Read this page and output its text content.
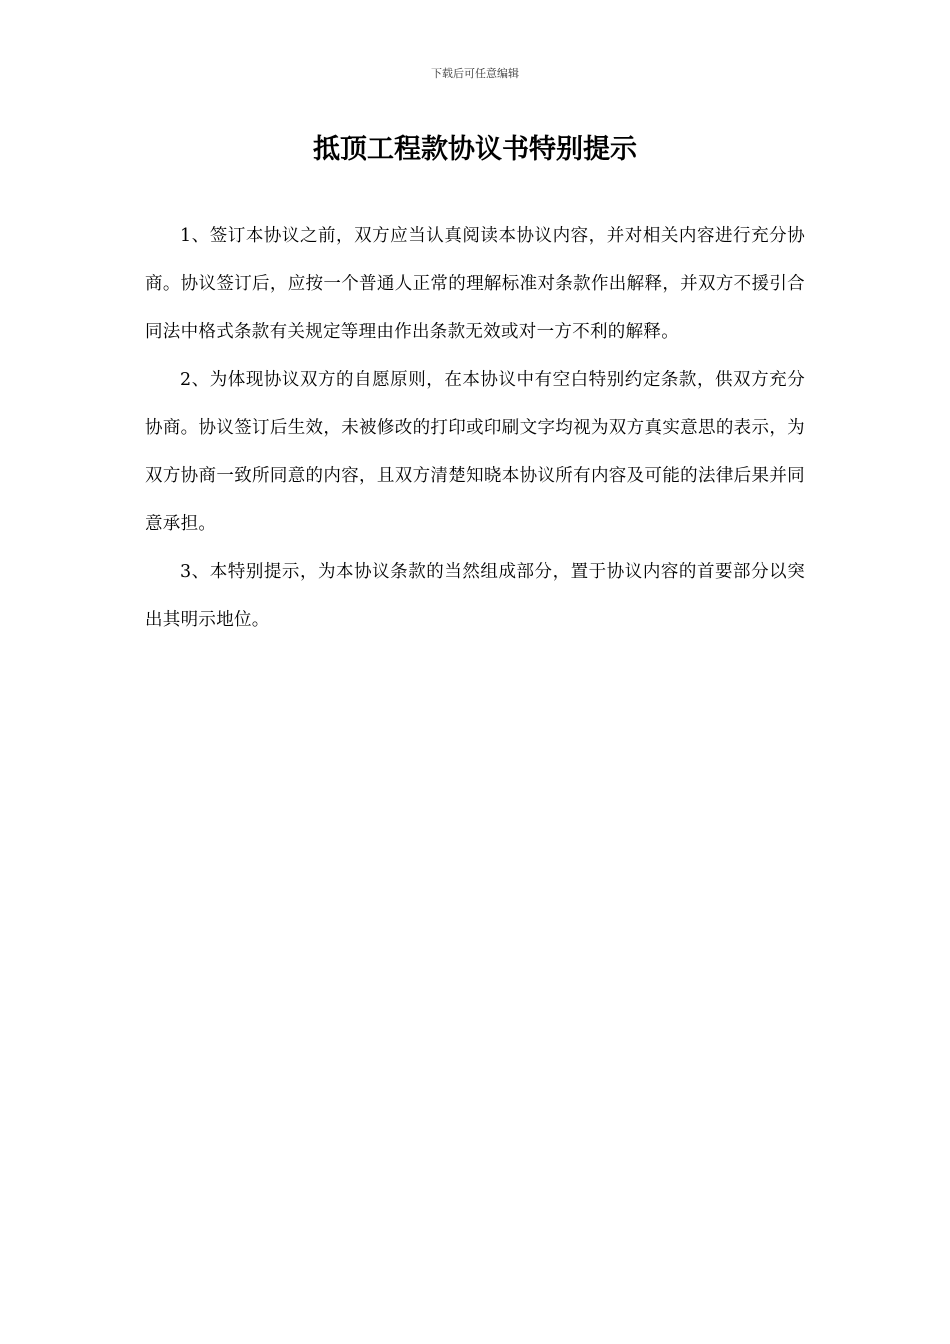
下载后可任意编辑
抵顶工程款协议书特别提示

1、签订本协议之前，双方应当认真阅读本协议内容，并对相关内容进行充分协商。协议签订后，应按一个普通人正常的理解标准对条款作出解释，并双方不援引合同法中格式条款有关规定等理由作出条款无效或对一方不利的解释。

2、为体现协议双方的自愿原则，在本协议中有空白特别约定条款，供双方充分协商。协议签订后生效，未被修改的打印或印刷文字均视为双方真实意思的表示，为双方协商一致所同意的内容，且双方清楚知晓本协议所有内容及可能的法律后果并同意承担。

3、本特别提示，为本协议条款的当然组成部分，置于协议内容的首要部分以突出其明示地位。
